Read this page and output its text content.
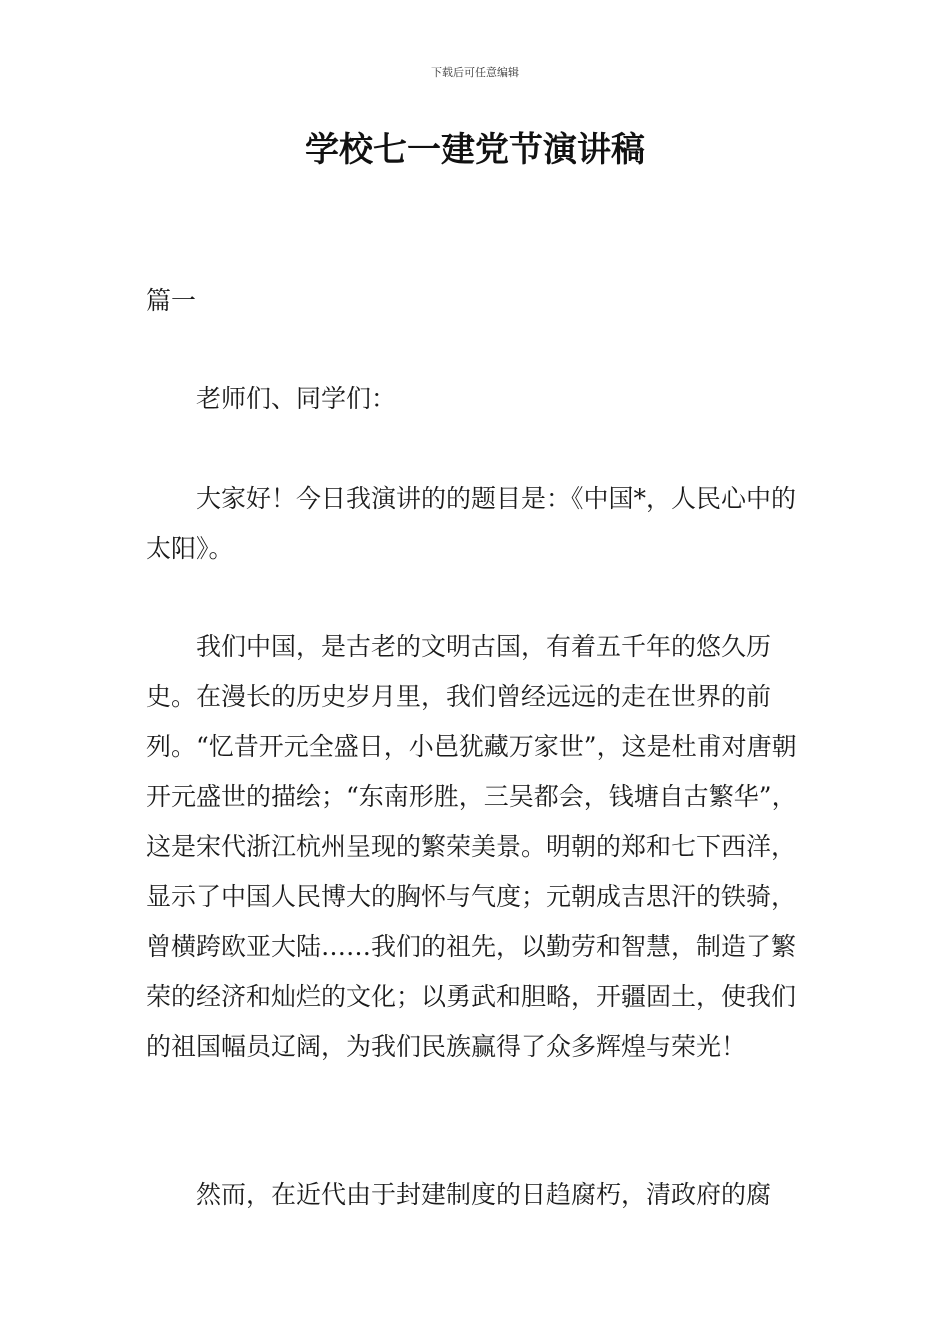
下载后可任意编辑
学校七一建党节演讲稿

篇一

老师们、同学们：

大家好！今日我演讲的的题目是：《中国*，人民心中的太阳》。

我们中国，是古老的文明古国，有着五千年的悠久历史。在漫长的历史岁月里，我们曾经远远的走在世界的前列。“忆昔开元全盛日，小邑犹藏万家世”，这是杜甫对唐朝开元盛世的描绘；“东南形胜，三吴都会，钱塘自古繁华”，这是宋代浙江杭州呈现的繁荣美景。明朝的郑和七下西洋，显示了中国人民博大的胸怀与气度；元朝成吉思汗的铁骑，曾横跨欧亚大陆……我们的祖先，以勤劳和智慧，制造了繁荣的经济和灿烂的文化；以勇武和胆略，开疆固土，使我们的祖国幅员辽阔，为我们民族赢得了众多辉煌与荣光！

然而，在近代由于封建制度的日趋腐朽，清政府的腐
